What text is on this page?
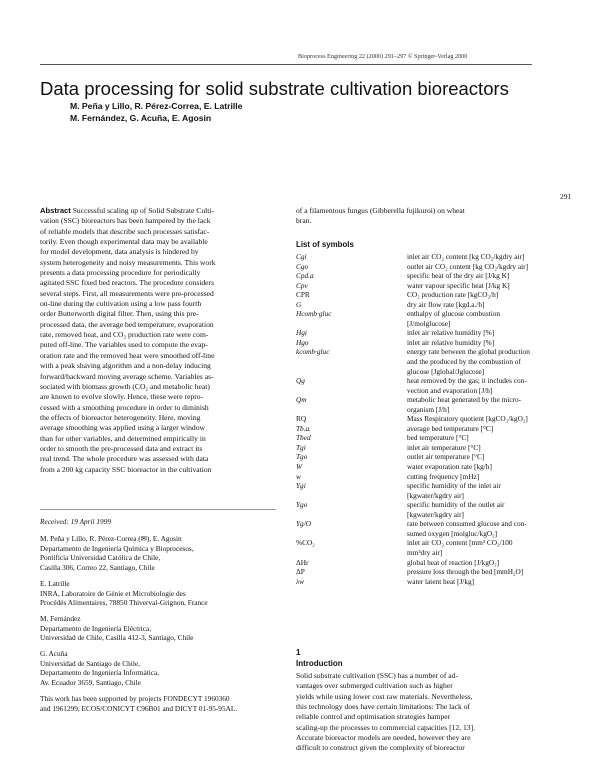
Bioprocess Engineering 22 (2000) 291–297 © Springer-Verlag 2000
Data processing for solid substrate cultivation bioreactors
M. Peña y Lillo, R. Pérez-Correa, E. Latrille
M. Fernández, G. Acuña, E. Agosin
291
Abstract Successful scaling up of Solid Substrate Culti-
vation (SSC) bioreactors has been hampered by the lack
of reliable models that describe such processes satisfac-
torily. Even though experimental data may be available
for model development, data analysis is hindered by
system heterogeneity and noisy measurements. This work
presents a data processing procedure for periodically
agitated SSC fixed bed reactors. The procedure considers
several steps. First, all measurements were pre-processed
on-line during the cultivation using a low pass fourth
order Butterworth digital filter. Then, using this pre-
processed data, the average bed temperature, evaporation
rate, removed heat, and CO₂ production rate were com-
puted off-line. The variables used to compute the evap-
oration rate and the removed heat were smoothed off-line
with a peak shaving algorithm and a non-delay inducing
forward/backward moving average scheme. Variables as-
sociated with biomass growth (CO₂ and metabolic heat)
are known to evolve slowly. Hence, these were repro-
cessed with a smoothing procedure in order to diminish
the effects of bioreactor heterogeneity. Here, moving
average smoothing was applied using a larger window
than for other variables, and determined empirically in
order to smooth the pre-processed data and extract its
real trend. The whole procedure was assessed with data
from a 200 kg capacity SSC bioreactor in the cultivation
of a filamentous fungus (Gibberella fujikuroi) on wheat
bran.
List of symbols
Cgi	inlet air CO₂ content [kg CO₂/kgdry air]
Cgo	outlet air CO₂ content [kg CO₂/kgdry air]
Cpd.a	specific heat of the dry air [J/kg K]
Cpv	water vapour specific heat [J/kg K]
CPR	CO₂ production rate [kgCO₂/h]
G	dry air flow rate [kgd.a./h]
Hcomb·gluc	enthalpy of glucose combustion [J/molglucose]
Hgi	inlet air relative humidity [%]
Hgo	inlet air relative humidity [%]
kcomb·gluc	energy rate between the global production and the produced by the combustion of glucose [Jglobal/Jglucose]
Qg	heat removed by the gas; it includes con-vection and evaporation [J/h]
Qm	metabolic heat generated by the micro-organism [J/h]
RQ	Mass Respiratory quotient [kgCO₂/kgO₂]
Tb.a.	average bed temperature [°C]
Tbed	bed temperature [°C]
Tgi	inlet air temperature [°C]
Tgo	outlet air temperature [°C]
W	water evaporation rate [kg/h]
w	cutting frequency [mHz]
Ygi	specific humidity of the inlet air [kgwater/kgdry air]
Ygo	specific humidity of the outlet air [kgwater/kgdry air]
Yg/O	rate between consumed glucose and con-sumed oxygen [molgluc/kgO₂]
%CO₂	inlet air CO₂ content [mm³ CO₂/100 mm³dry air]
ΔHr	global heat of reaction [J/kgO₂]
ΔP	pressure loss through the bed [mmH₂O]
λw	water latent heat [J/kg]
Received: 19 April 1999

M. Peña y Lillo, R. Pérez-Correa (✉), E. Agosin
Departamento de Ingeniería Química y Bioprocesos,
Pontificia Universidad Católica de Chile,
Casilla 306, Correo 22, Santiago, Chile

E. Latrille
INRA, Laboratoire de Génie et Microbiologie des
Procédés Alimentaires, 78850 Thiverval-Grignon, France

M. Fernández
Departamento de Ingeniería Eléctrica,
Universidad de Chile, Casilla 412-3, Santiago, Chile

G. Acuña
Universidad de Santiago de Chile,
Departamento de Ingeniería Informática,
Av. Ecuador 3659, Santiago, Chile

This work has been supported by projects FONDECYT 1960360
and 1961299, ECOS/CONICYT C96B01 and DICYT 01-95-95AL.

1
Introduction
Solid substrate cultivation (SSC) has a number of ad-
vantages over submerged cultivation such as higher
yields while using lower cost raw materials. Nevertheless,
this technology does have certain limitations: The lack of
reliable control and optimisation strategies hamper
scaling-up the processes to commercial capacities [12, 13].
Accurate bioreactor models are needed, however they are
difficult to construct given the complexity of bioreactor
